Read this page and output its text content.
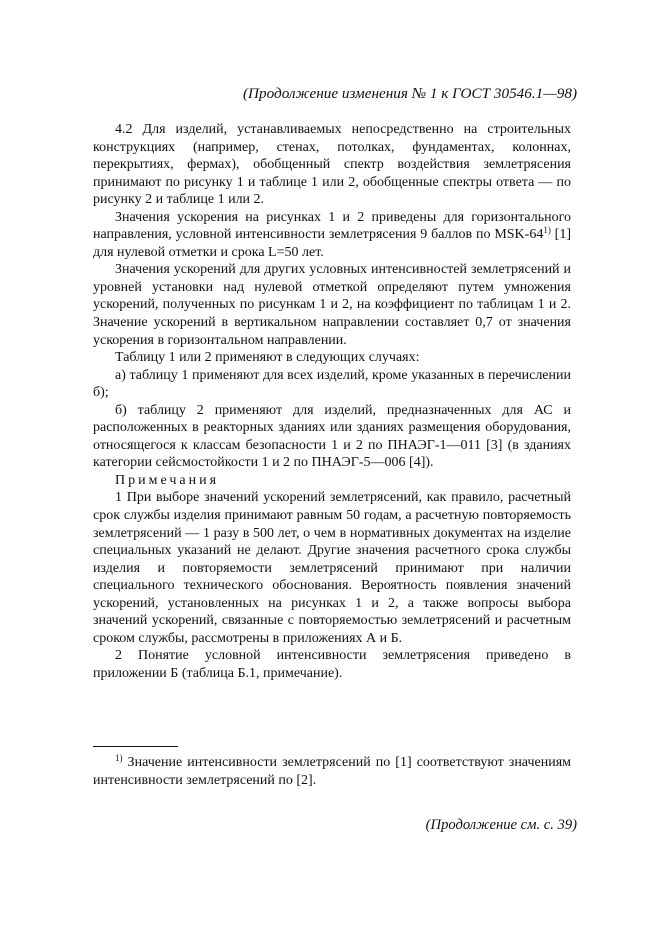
(Продолжение изменения № 1 к ГОСТ 30546.1—98)

4.2 Для изделий, устанавливаемых непосредственно на строительных конструкциях (например, стенах, потолках, фундаментах, колоннах, перекрытиях, фермах), обобщенный спектр воздействия землетрясения принимают по рисунку 1 и таблице 1 или 2, обобщенные спектры ответа — по рисунку 2 и таблице 1 или 2.

Значения ускорения на рисунках 1 и 2 приведены для горизонтального направления, условной интенсивности землетрясения 9 баллов по MSK-64$^{1)}$ [1] для нулевой отметки и срока L=50 лет.

Значения ускорений для других условных интенсивностей землетрясений и уровней установки над нулевой отметкой определяют путем умножения ускорений, полученных по рисункам 1 и 2, на коэффициент по таблицам 1 и 2. Значение ускорений в вертикальном направлении составляет 0,7 от значения ускорения в горизонтальном направлении.

Таблицу 1 или 2 применяют в следующих случаях:

а) таблицу 1 применяют для всех изделий, кроме указанных в перечислении б);

б) таблицу 2 применяют для изделий, предназначенных для АС и расположенных в реакторных зданиях или зданиях размещения оборудования, относящегося к классам безопасности 1 и 2 по ПНАЭГ-1—011 [3] (в зданиях категории сейсмостойкости 1 и 2 по ПНАЭГ-5—006 [4]).

Примечания

1 При выборе значений ускорений землетрясений, как правило, расчетный срок службы изделия принимают равным 50 годам, а расчетную повторяемость землетрясений — 1 разу в 500 лет, о чем в нормативных документах на изделие специальных указаний не делают. Другие значения расчетного срока службы изделия и повторяемости землетрясений принимают при наличии специального технического обоснования. Вероятность появления значений ускорений, установленных на рисунках 1 и 2, а также вопросы выбора значений ускорений, связанные с повторяемостью землетрясений и расчетным сроком службы, рассмотрены в приложениях А и Б.

2 Понятие условной интенсивности землетрясения приведено в приложении Б (таблица Б.1, примечание).

$^{1)}$ Значение интенсивности землетрясений по [1] соответствуют значениям интенсивности землетрясений по [2].
(Продолжение см. с. 39)
